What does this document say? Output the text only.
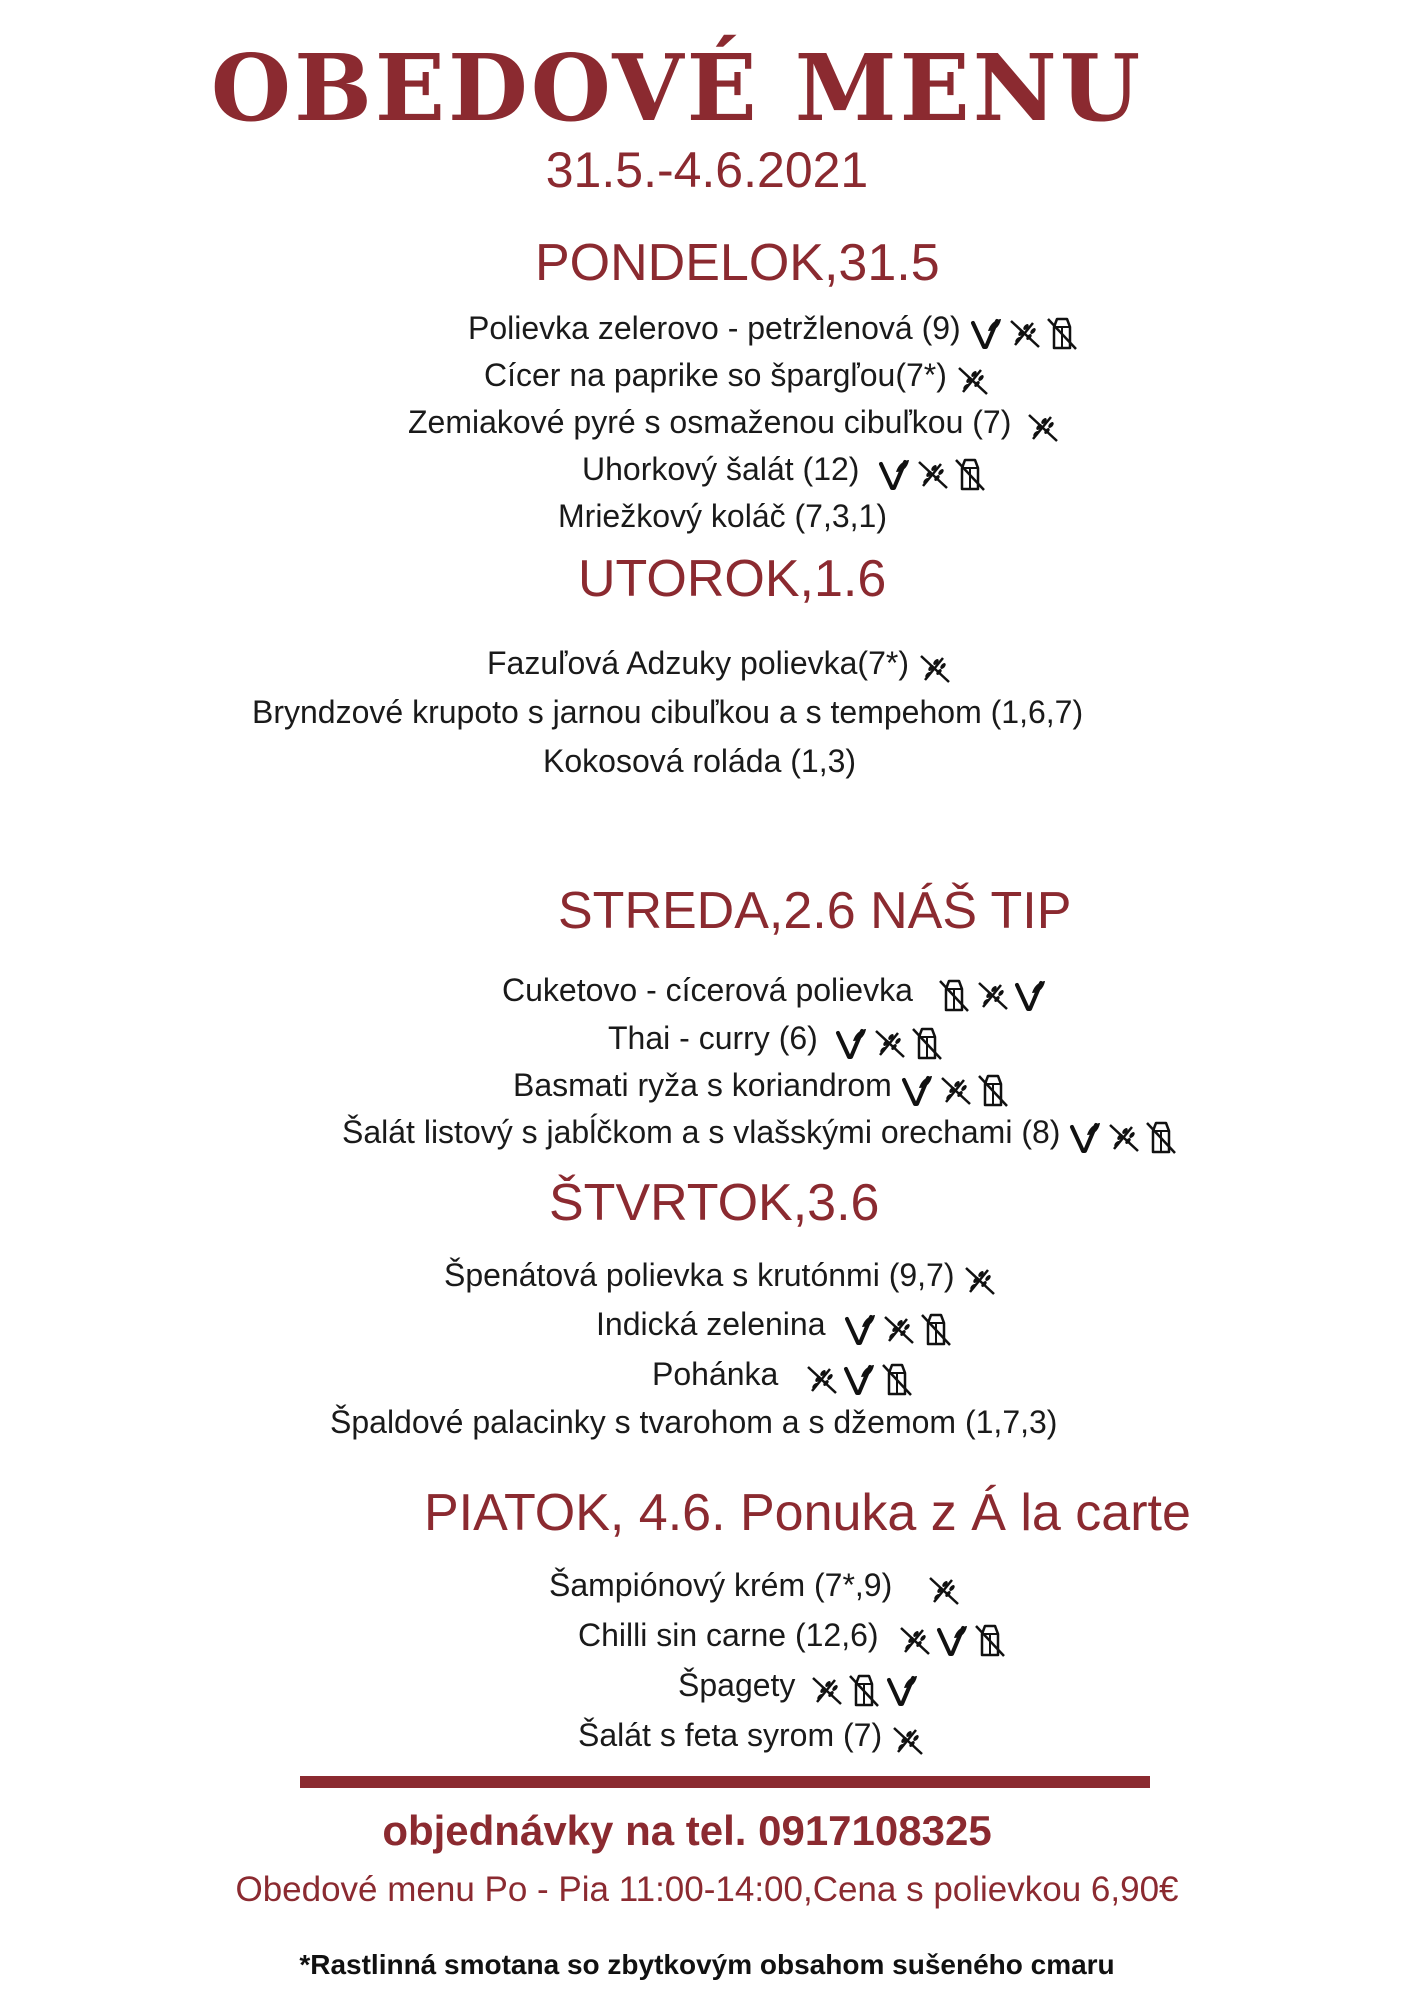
OBEDOVÉ MENU
31.5.-4.6.2021
PONDELOK,31.5
Polievka zelerovo - petržlenová (9)
Cícer na paprike so špargľou(7*)
Zemiakové pyré s osmaženou cibuľkou (7)
Uhorkový šalát (12)
Mriežkový koláč (7,3,1)
UTOROK,1.6
Fazuľová Adzuky polievka(7*)
Bryndzové krupoto s jarnou cibuľkou a s tempehom (1,6,7)
Kokosová roláda (1,3)
STREDA,2.6 NÁŠ TIP
Cuketovo - cícerová polievka
Thai - curry (6)
Basmati ryža s koriandrom
Šalát listový s jabĺčkom a s vlašskými orechami (8)
ŠTVRTOK,3.6
Špenátová polievka s krutónmi (9,7)
Indická zelenina
Pohánka
Špaldové palacinky s tvarohom a s džemom (1,7,3)
PIATOK, 4.6. Ponuka z Á la carte
Šampiónový krém (7*,9)
Chilli sin carne (12,6)
Špagety
Šalát s feta syrom (7)
objednávky na tel. 0917108325
Obedové menu Po - Pia 11:00-14:00,Cena s polievkou 6,90€
*Rastlinná smotana so zbytkovým obsahom sušeného cmaru
